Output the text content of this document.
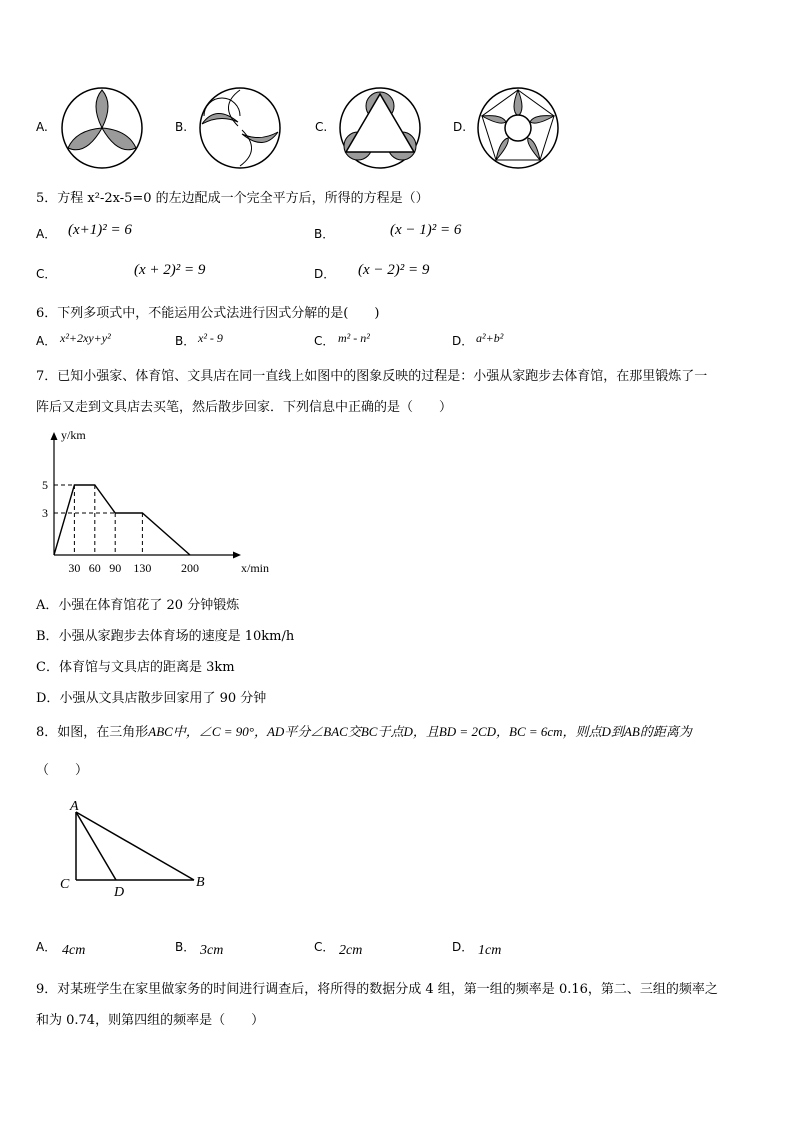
A.	B.	C.	D.
5．方程 x²-2x-5=0 的左边配成一个完全平方后，所得的方程是（）
A． (x+1)² = 6	B．	(x − 1)² = 6
C．	(x + 2)² = 9	D． (x − 2)² = 9
6．下列多项式中，不能运用公式法进行因式分解的是(　　)
A． x²+2xy+y²	B． x² - 9	C． m² - n²	D． a²+b²
7．已知小强家、体育馆、文具店在同一直线上如图中的图象反映的过程是：小强从家跑步去体育馆，在那里锻炼了一
阵后又走到文具店去买笔，然后散步回家．下列信息中正确的是（　　）
y/km
x/min
30 60 90 130 200
5
3
A．小强在体育馆花了 20 分钟锻炼
B．小强从家跑步去体育场的速度是 10km/h
C．体育馆与文具店的距离是 3km
D．小强从文具店散步回家用了 90 分钟
8．如图，在三角形ABC中，∠C = 90°，AD平分∠BAC交BC于点D，且BD = 2CD，BC = 6cm，则点D到AB的距离为
（　　）
A
C
D
B
A． 4cm	B． 3cm	C． 2cm	D． 1cm
9．对某班学生在家里做家务的时间进行调查后，将所得的数据分成 4 组，第一组的频率是 0.16，第二、三组的频率之
和为 0.74，则第四组的频率是（　　）
